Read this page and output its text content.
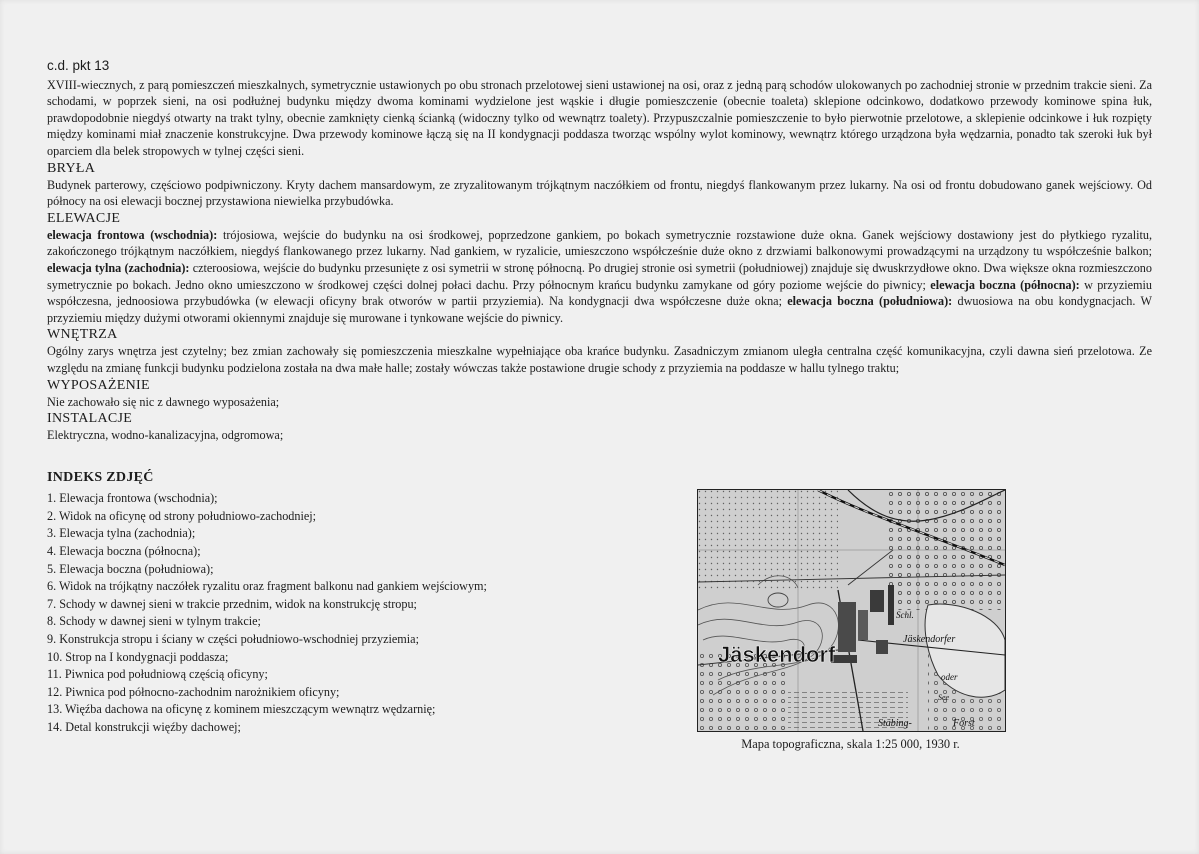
c.d. pkt 13

XVIII-wiecznych, z parą pomieszczeń mieszkalnych, symetrycznie ustawionych po obu stronach przelotowej sieni ustawionej na osi, oraz z jedną parą schodów ulokowanych po zachodniej stronie w przednim trakcie sieni. Za schodami, w poprzek sieni, na osi podłużnej budynku między dwoma kominami wydzielone jest wąskie i długie pomieszczenie (obecnie toaleta) sklepione odcinkowo, dodatkowo przewody kominowe spina łuk, prawdopodobnie niegdyś otwarty na trakt tylny, obecnie zamknięty cienką ścianką (widoczny tylko od wewnątrz toalety). Przypuszczalnie pomieszczenie to było pierwotnie przelotowe, a sklepienie odcinkowe i łuk rozpięty między kominami miał znaczenie konstrukcyjne. Dwa przewody kominowe łączą się na II kondygnacji poddasza tworząc wspólny wylot kominowy, wewnątrz którego urządzona była wędzarnia, ponadto tak szeroki łuk był oparciem dla belek stropowych w tylnej części sieni.

BRYŁA

Budynek parterowy, częściowo podpiwniczony. Kryty dachem mansardowym, ze zryzalitowanym trójkątnym naczółkiem od frontu, niegdyś flankowanym przez lukarny. Na osi od frontu dobudowano ganek wejściowy. Od północy na osi elewacji bocznej przystawiona niewielka przybudówka.

ELEWACJE

elewacja frontowa (wschodnia): trójosiowa, wejście do budynku na osi środkowej, poprzedzone gankiem, po bokach symetrycznie rozstawione duże okna. Ganek wejściowy dostawiony jest do płytkiego ryzalitu, zakończonego trójkątnym naczółkiem, niegdyś flankowanego przez lukarny. Nad gankiem, w ryzalicie, umieszczono współcześnie duże okno z drzwiami balkonowymi prowadzącymi na urządzony tu współcześnie balkon; elewacja tylna (zachodnia): czteroosiowa, wejście do budynku przesunięte z osi symetrii w stronę północną. Po drugiej stronie osi symetrii (południowej) znajduje się dwuskrzydłowe okno. Dwa większe okna rozmieszczono symetrycznie po bokach. Jedno okno umieszczono w środkowej części dolnej połaci dachu. Przy północnym krańcu budynku zamykane od góry poziome wejście do piwnicy; elewacja boczna (północna): w przyziemiu współczesna, jednoosiowa przybudówka (w elewacji oficyny brak otworów w partii przyziemia). Na kondygnacji dwa współczesne duże okna; elewacja boczna (południowa): dwuosiowa na obu kondygnacjach. W przyziemiu między dużymi otworami okiennymi znajduje się murowane i tynkowane wejście do piwnicy.

WNĘTRZA

Ogólny zarys wnętrza jest czytelny; bez zmian zachowały się pomieszczenia mieszkalne wypełniające oba krańce budynku. Zasadniczym zmianom uległa centralna część komunikacyjna, czyli dawna sień przelotowa. Ze względu na zmianę funkcji budynku podzielona została na dwa małe halle; zostały wówczas także postawione drugie schody z przyziemia na poddasze w hallu tylnego traktu;

WYPOSAŻENIE

Nie zachowało się nic z dawnego wyposażenia;

INSTALACJE

Elektryczna, wodno-kanalizacyjna, odgromowa;

INDEKS ZDJĘĆ
1. Elewacja frontowa (wschodnia);
2. Widok na oficynę od strony południowo-zachodniej;
3. Elewacja tylna (zachodnia);
4. Elewacja boczna (północna);
5. Elewacja boczna (południowa);
6. Widok na trójkątny naczółek ryzalitu oraz fragment balkonu nad gankiem wejściowym;
7. Schody w dawnej sieni w trakcie przednim, widok na konstrukcję stropu;
8. Schody w dawnej sieni w tylnym trakcie;
9. Konstrukcja stropu i ściany w części południowo-wschodniej przyziemia;
10. Strop na I kondygnacji poddasza;
11. Piwnica pod południową częścią oficyny;
12. Piwnica pod północno-zachodnim narożnikiem oficyny;
13. Więźba dachowa na oficynę z kominem mieszczącym wewnątrz wędzarnię;
14. Detal konstrukcji więźby dachowej;
Jäskendorf
Schl.
Jäskendorfer
oder
See
Stäbing-	Forst
Mapa topograficzna, skala 1:25 000, 1930 r.
